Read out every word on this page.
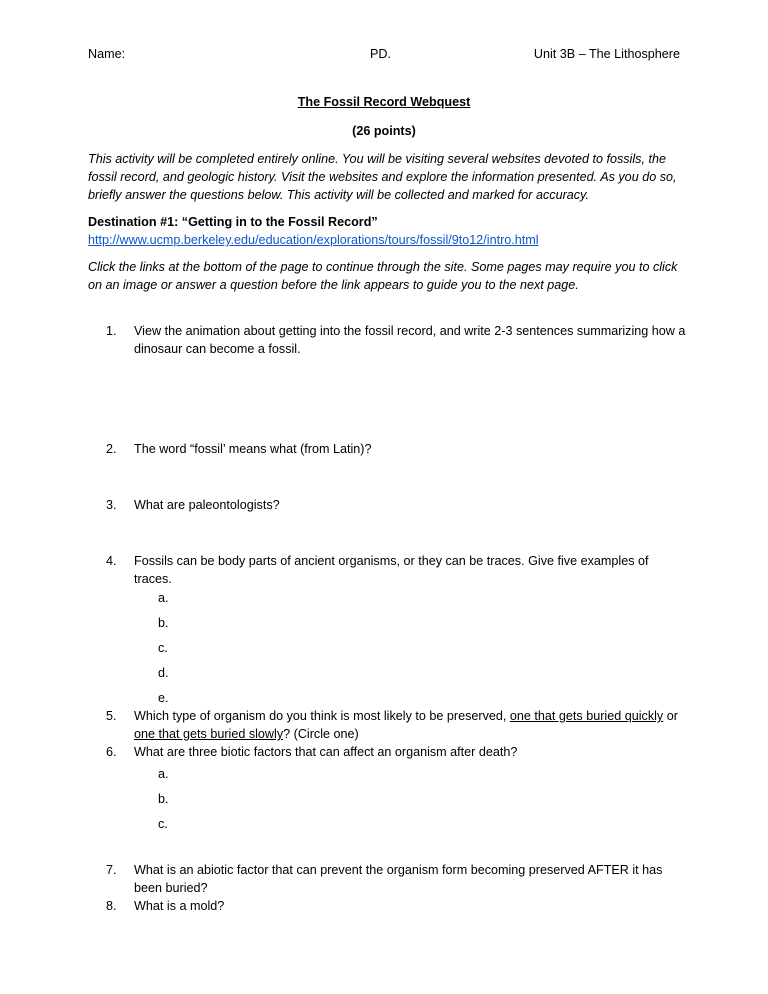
Name:	PD.	Unit 3B – The Lithosphere
The Fossil Record Webquest
(26 points)
This activity will be completed entirely online. You will be visiting several websites devoted to fossils, the fossil record, and geologic history. Visit the websites and explore the information presented. As you do so, briefly answer the questions below. This activity will be collected and marked for accuracy.
Destination #1: “Getting in to the Fossil Record”
http://www.ucmp.berkeley.edu/education/explorations/tours/fossil/9to12/intro.html
Click the links at the bottom of the page to continue through the site. Some pages may require you to click on an image or answer a question before the link appears to guide you to the next page.
1. View the animation about getting into the fossil record, and write 2-3 sentences summarizing how a dinosaur can become a fossil.
2. The word “fossil’ means what (from Latin)?
3. What are paleontologists?
4. Fossils can be body parts of ancient organisms, or they can be traces. Give five examples of traces.
a.
b.
c.
d.
e.
5. Which type of organism do you think is most likely to be preserved, one that gets buried quickly or one that gets buried slowly? (Circle one)
6. What are three biotic factors that can affect an organism after death?
a.
b.
c.
7. What is an abiotic factor that can prevent the organism form becoming preserved AFTER it has been buried?
8. What is a mold?
